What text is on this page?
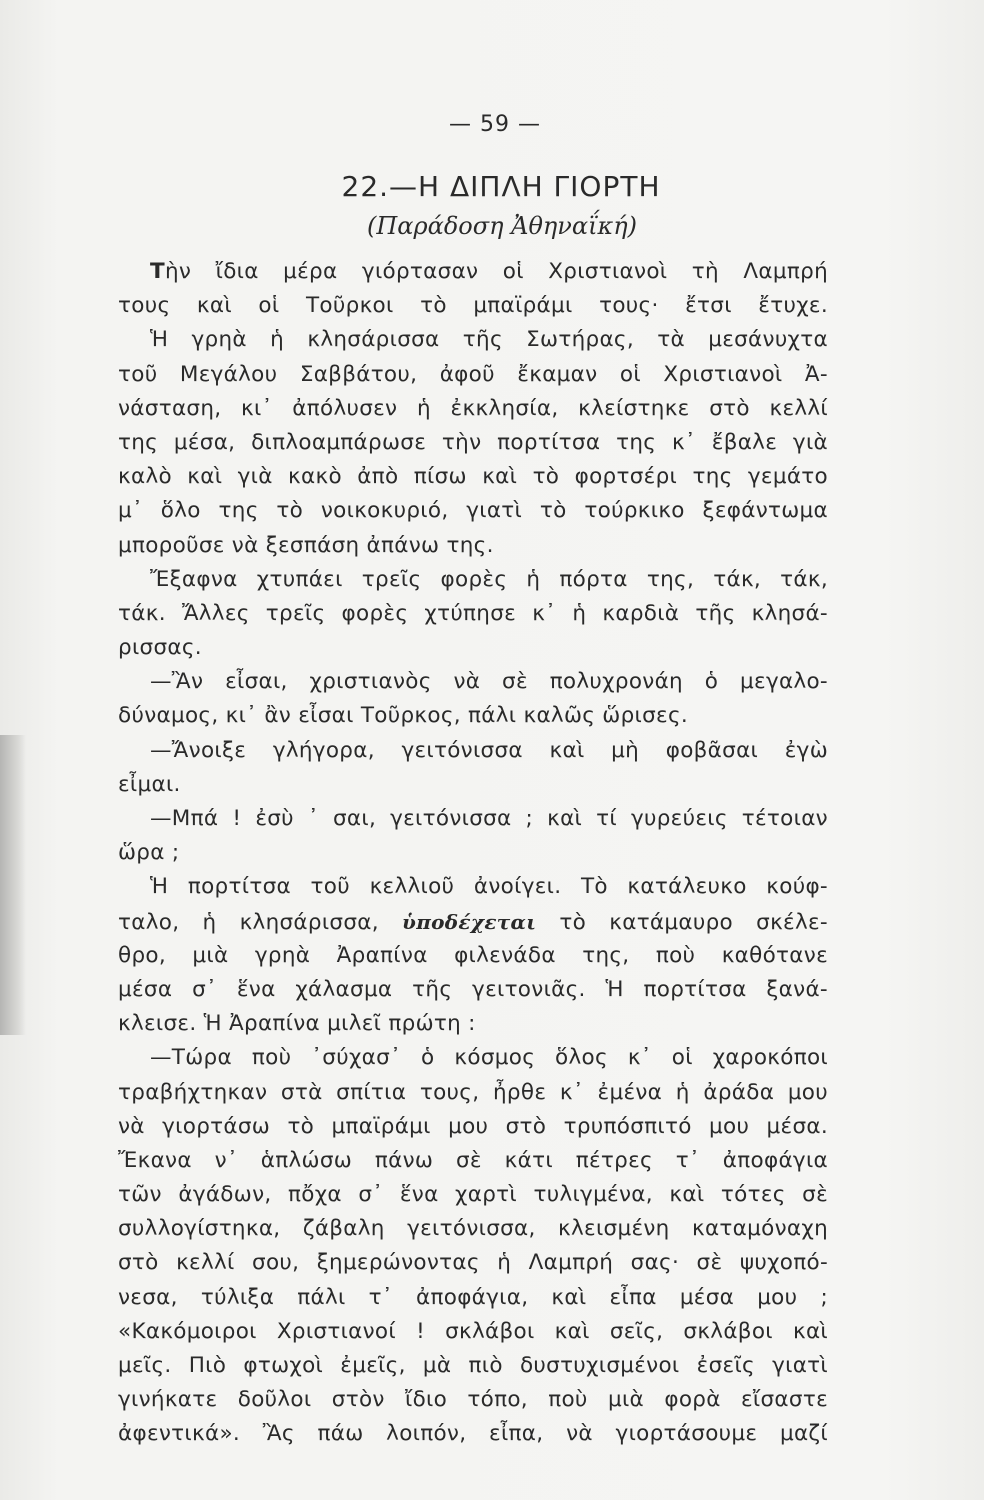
— 59 —
22.—Η ΔΙΠΛΗ ΓΙΟΡΤΗ
(Παράδοση Ἀθηναΐκή)
Τὴν ἴδια μέρα γιόρτασαν οἱ Χριστιανοὶ τὴ Λαμπρή
τους καὶ οἱ Τοῦρκοι τὸ μπαϊράμι τους· ἔτσι ἔτυχε.
Ἡ γρηὰ ἡ κλησάρισσα τῆς Σωτήρας, τὰ μεσάνυχτα
τοῦ Μεγάλου Σαββάτου, ἀφοῦ ἔκαμαν οἱ Χριστιανοὶ Ἀ-
νάσταση, κι᾿ ἀπόλυσεν ἡ ἐκκλησία, κλείστηκε στὸ κελλί
της μέσα, διπλοαμπάρωσε τὴν πορτίτσα της κ᾿ ἔβαλε γιὰ
καλὸ καὶ γιὰ κακὸ ἀπὸ πίσω καὶ τὸ φορτσέρι της γεμάτο
μ᾿ ὅλο της τὸ νοικοκυριό, γιατὶ τὸ τούρκικο ξεφάντωμα
μποροῦσε νὰ ξεσπάση ἀπάνω της.
Ἔξαφνα χτυπάει τρεῖς φορὲς ἡ πόρτα της, τάκ, τάκ,
τάκ. Ἄλλες τρεῖς φορὲς χτύπησε κ᾿ ἡ καρδιὰ τῆς κλησά-
ρισσας.
—Ἂν εἶσαι, χριστιανὸς νὰ σὲ πολυχρονάη ὁ μεγαλο-
δύναμος, κι᾿ ἂν εἶσαι Τοῦρκος, πάλι καλῶς ὥρισες.
—Ἄνοιξε γλήγορα, γειτόνισσα καὶ μὴ φοβᾶσαι ἐγὼ
εἶμαι.
—Μπά ! ἐσὺ ᾿ σαι, γειτόνισσα ; καὶ τί γυρεύεις τέτοιαν
ὥρα ;
Ἡ πορτίτσα τοῦ κελλιοῦ ἀνοίγει. Τὸ κατάλευκο κούφ-
ταλο, ἡ κλησάρισσα, ὑποδέχεται τὸ κατάμαυρο σκέλε-
θρο, μιὰ γρηὰ Ἀραπίνα φιλενάδα της, ποὺ καθότανε
μέσα σ᾿ ἕνα χάλασμα τῆς γειτονιᾶς. Ἡ πορτίτσα ξανά-
κλεισε. Ἡ Ἀραπίνα μιλεῖ πρώτη :
—Τώρα ποὺ ᾿σύχασ᾿ ὁ κόσμος ὅλος κ᾿ οἱ χαροκόποι
τραβήχτηκαν στὰ σπίτια τους, ἦρθε κ᾿ ἐμένα ἡ ἀράδα μου
νὰ γιορτάσω τὸ μπαϊράμι μου στὸ τρυπόσπιτό μου μέσα.
Ἔκανα ν᾿ ἁπλώσω πάνω σὲ κάτι πέτρες τ᾿ ἀποφάγια
τῶν ἀγάδων, πὄχα σ᾿ ἕνα χαρτὶ τυλιγμένα, καὶ τότες σὲ
συλλογίστηκα, ζάβαλη γειτόνισσα, κλεισμένη καταμόναχη
στὸ κελλί σου, ξημερώνοντας ἡ Λαμπρή σας· σὲ ψυχοπό-
νεσα, τύλιξα πάλι τ᾿ ἀποφάγια, καὶ εἶπα μέσα μου ;
«Κακόμοιροι Χριστιανοί ! σκλάβοι καὶ σεῖς, σκλάβοι καὶ
μεῖς. Πιὸ φτωχοὶ ἐμεῖς, μὰ πιὸ δυστυχισμένοι ἐσεῖς γιατὶ
γινήκατε δοῦλοι στὸν ἴδιο τόπο, ποὺ μιὰ φορὰ εἴσαστε
ἀφεντικά». Ἂς πάω λοιπόν, εἶπα, νὰ γιορτάσουμε μαζί
